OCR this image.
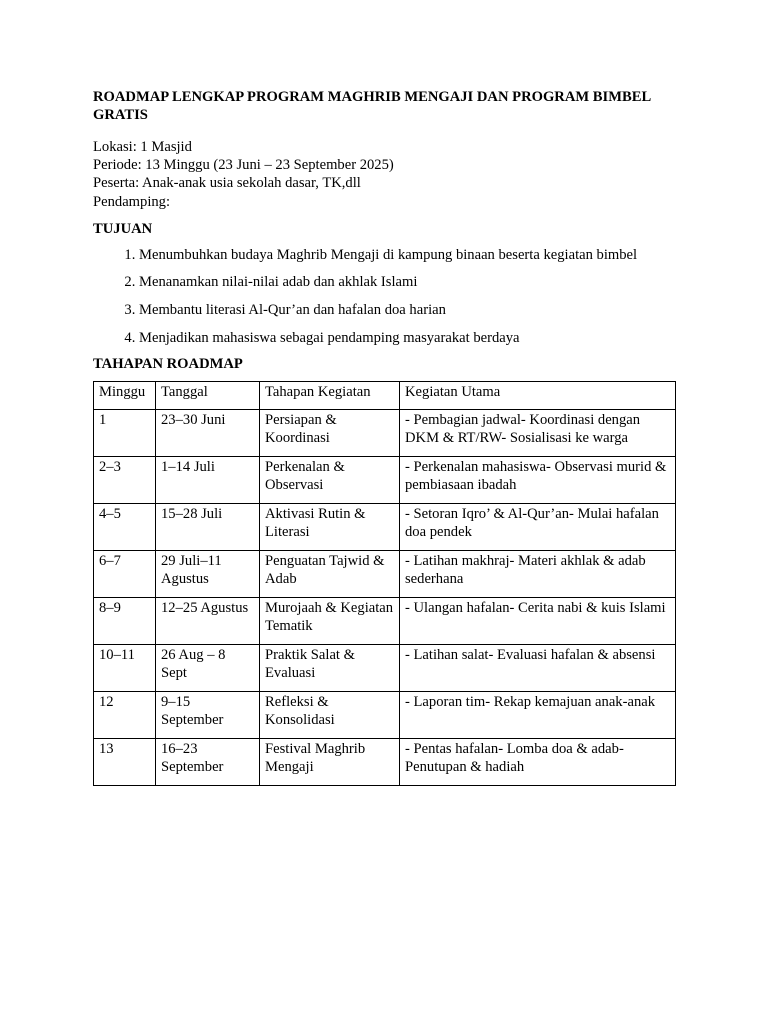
ROADMAP LENGKAP PROGRAM MAGHRIB MENGAJI DAN PROGRAM BIMBEL GRATIS
Lokasi: 1 Masjid
Periode: 13 Minggu (23 Juni – 23 September 2025)
Peserta: Anak-anak usia sekolah dasar, TK,dll
Pendamping:
TUJUAN
1. Menumbuhkan budaya Maghrib Mengaji di kampung binaan beserta kegiatan bimbel
2. Menanamkan nilai-nilai adab dan akhlak Islami
3. Membantu literasi Al-Qur’an dan hafalan doa harian
4. Menjadikan mahasiswa sebagai pendamping masyarakat berdaya
TAHAPAN ROADMAP
Minggu	Tanggal	Tahapan Kegiatan	Kegiatan Utama
1	23–30 Juni	Persiapan & Koordinasi	- Pembagian jadwal- Koordinasi dengan DKM & RT/RW- Sosialisasi ke warga
2–3	1–14 Juli	Perkenalan & Observasi	- Perkenalan mahasiswa- Observasi murid & pembiasaan ibadah
4–5	15–28 Juli	Aktivasi Rutin & Literasi	- Setoran Iqro’ & Al-Qur’an- Mulai hafalan doa pendek
6–7	29 Juli–11 Agustus	Penguatan Tajwid & Adab	- Latihan makhraj- Materi akhlak & adab sederhana
8–9	12–25 Agustus	Murojaah & Kegiatan Tematik	- Ulangan hafalan- Cerita nabi & kuis Islami
10–11	26 Aug – 8 Sept	Praktik Salat & Evaluasi	- Latihan salat- Evaluasi hafalan & absensi
12	9–15 September	Refleksi & Konsolidasi	- Laporan tim- Rekap kemajuan anak-anak
13	16–23 September	Festival Maghrib Mengaji	- Pentas hafalan- Lomba doa & adab-Penutupan & hadiah
